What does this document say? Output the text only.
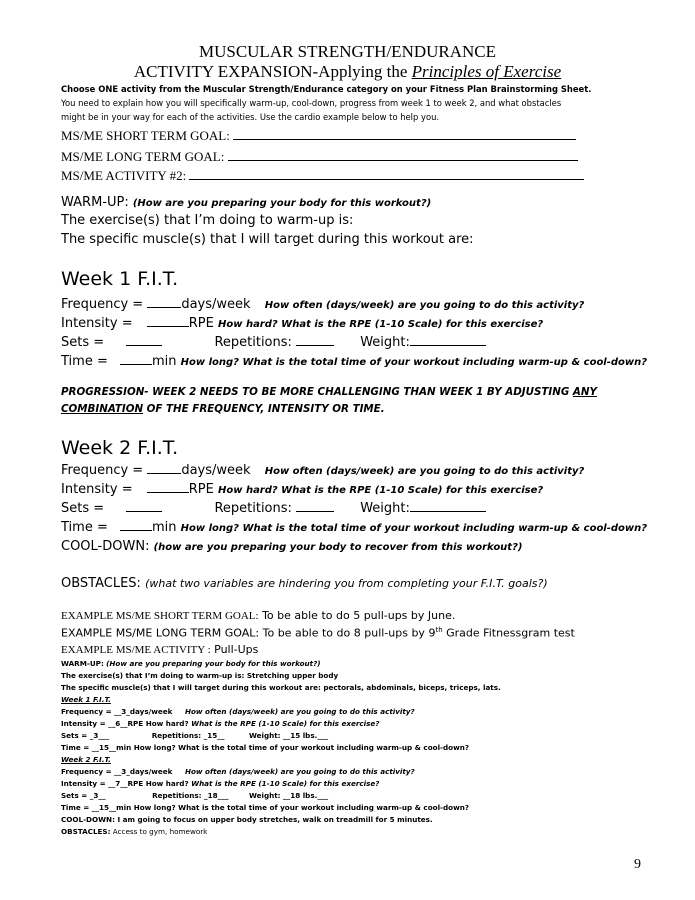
MUSCULAR STRENGTH/ENDURANCE
ACTIVITY EXPANSION-Applying the Principles of Exercise
Choose ONE activity from the Muscular Strength/Endurance category on your Fitness Plan Brainstorming Sheet.
You need to explain how you will specifically warm-up, cool-down, progress from week 1 to week 2, and what obstacles
might be in your way for each of the activities. Use the cardio example below to help you.
MS/ME SHORT TERM GOAL:
MS/ME LONG TERM GOAL:
MS/ME ACTIVITY #2:
WARM-UP: (How are you preparing your body for this workout?)
The exercise(s) that I’m doing to warm-up is:
The specific muscle(s) that I will target during this workout are:
Week 1 F.I.T.
Frequency =	days/week How often (days/week) are you going to do this activity?
Intensity =	RPE How hard? What is the RPE (1-10 Scale) for this exercise?
Sets =	Repetitions:	Weight:
Time =	min How long? What is the total time of your workout including warm-up & cool-down?
PROGRESSION- WEEK 2 NEEDS TO BE MORE CHALLENGING THAN WEEK 1 BY ADJUSTING ANY
COMBINATION OF THE FREQUENCY, INTENSITY OR TIME.
Week 2 F.I.T.
Frequency =	days/week How often (days/week) are you going to do this activity?
Intensity =	RPE How hard? What is the RPE (1-10 Scale) for this exercise?
Sets =	Repetitions:	Weight:
Time =	min How long? What is the total time of your workout including warm-up & cool-down?
COOL-DOWN: (how are you preparing your body to recover from this workout?)
OBSTACLES: (what two variables are hindering you from completing your F.I.T. goals?)
EXAMPLE MS/ME SHORT TERM GOAL: To be able to do 5 pull-ups by June.
EXAMPLE MS/ME LONG TERM GOAL: To be able to do 8 pull-ups by 9th Grade Fitnessgram test
EXAMPLE MS/ME ACTIVITY : Pull-Ups
WARM-UP: (How are you preparing your body for this workout?)
The exercise(s) that I’m doing to warm-up is: Stretching upper body
The specific muscle(s) that I will target during this workout are: pectorals, abdominals, biceps, triceps, lats.
Week 1 F.I.T.
Frequency = __3_days/week How often (days/week) are you going to do this activity?
Intensity = __6__RPE How hard? What is the RPE (1-10 Scale) for this exercise?
Sets = _3___	Repetitions: _15__	Weight: __15 lbs.___
Time = __15__min How long? What is the total time of your workout including warm-up & cool-down?
Week 2 F.I.T.
Frequency = __3_days/week How often (days/week) are you going to do this activity?
Intensity = __7__RPE How hard? What is the RPE (1-10 Scale) for this exercise?
Sets = _3__	Repetitions: _18___	Weight: __18 lbs.___
Time = __15__min How long? What is the total time of your workout including warm-up & cool-down?
COOL-DOWN: I am going to focus on upper body stretches, walk on treadmill for 5 minutes.
OBSTACLES: Access to gym, homework
9
